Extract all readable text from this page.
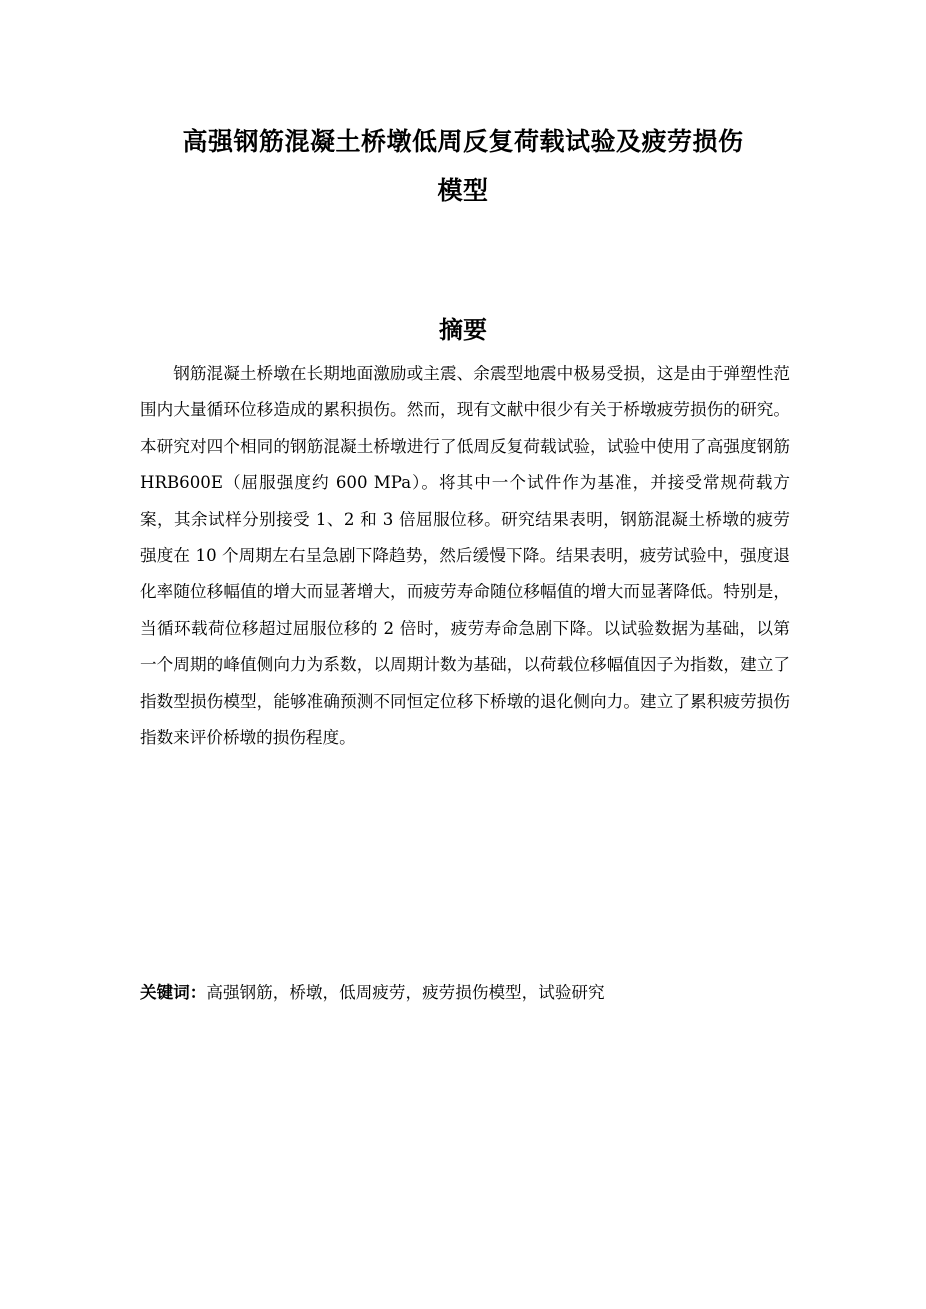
高强钢筋混凝土桥墩低周反复荷载试验及疲劳损伤
模型
摘要

钢筋混凝土桥墩在长期地面激励或主震、余震型地震中极易受损，这是由于弹塑性范围内大量循环位移造成的累积损伤。然而，现有文献中很少有关于桥墩疲劳损伤的研究。本研究对四个相同的钢筋混凝土桥墩进行了低周反复荷载试验，试验中使用了高强度钢筋 HRB600E（屈服强度约 600 MPa）。将其中一个试件作为基准，并接受常规荷载方案，其余试样分别接受 1、2 和 3 倍屈服位移。研究结果表明，钢筋混凝土桥墩的疲劳强度在 10 个周期左右呈急剧下降趋势，然后缓慢下降。结果表明，疲劳试验中，强度退化率随位移幅值的增大而显著增大，而疲劳寿命随位移幅值的增大而显著降低。特别是，当循环载荷位移超过屈服位移的 2 倍时，疲劳寿命急剧下降。以试验数据为基础，以第一个周期的峰值侧向力为系数，以周期计数为基础，以荷载位移幅值因子为指数，建立了指数型损伤模型，能够准确预测不同恒定位移下桥墩的退化侧向力。建立了累积疲劳损伤指数来评价桥墩的损伤程度。

关键词：高强钢筋，桥墩，低周疲劳，疲劳损伤模型，试验研究
